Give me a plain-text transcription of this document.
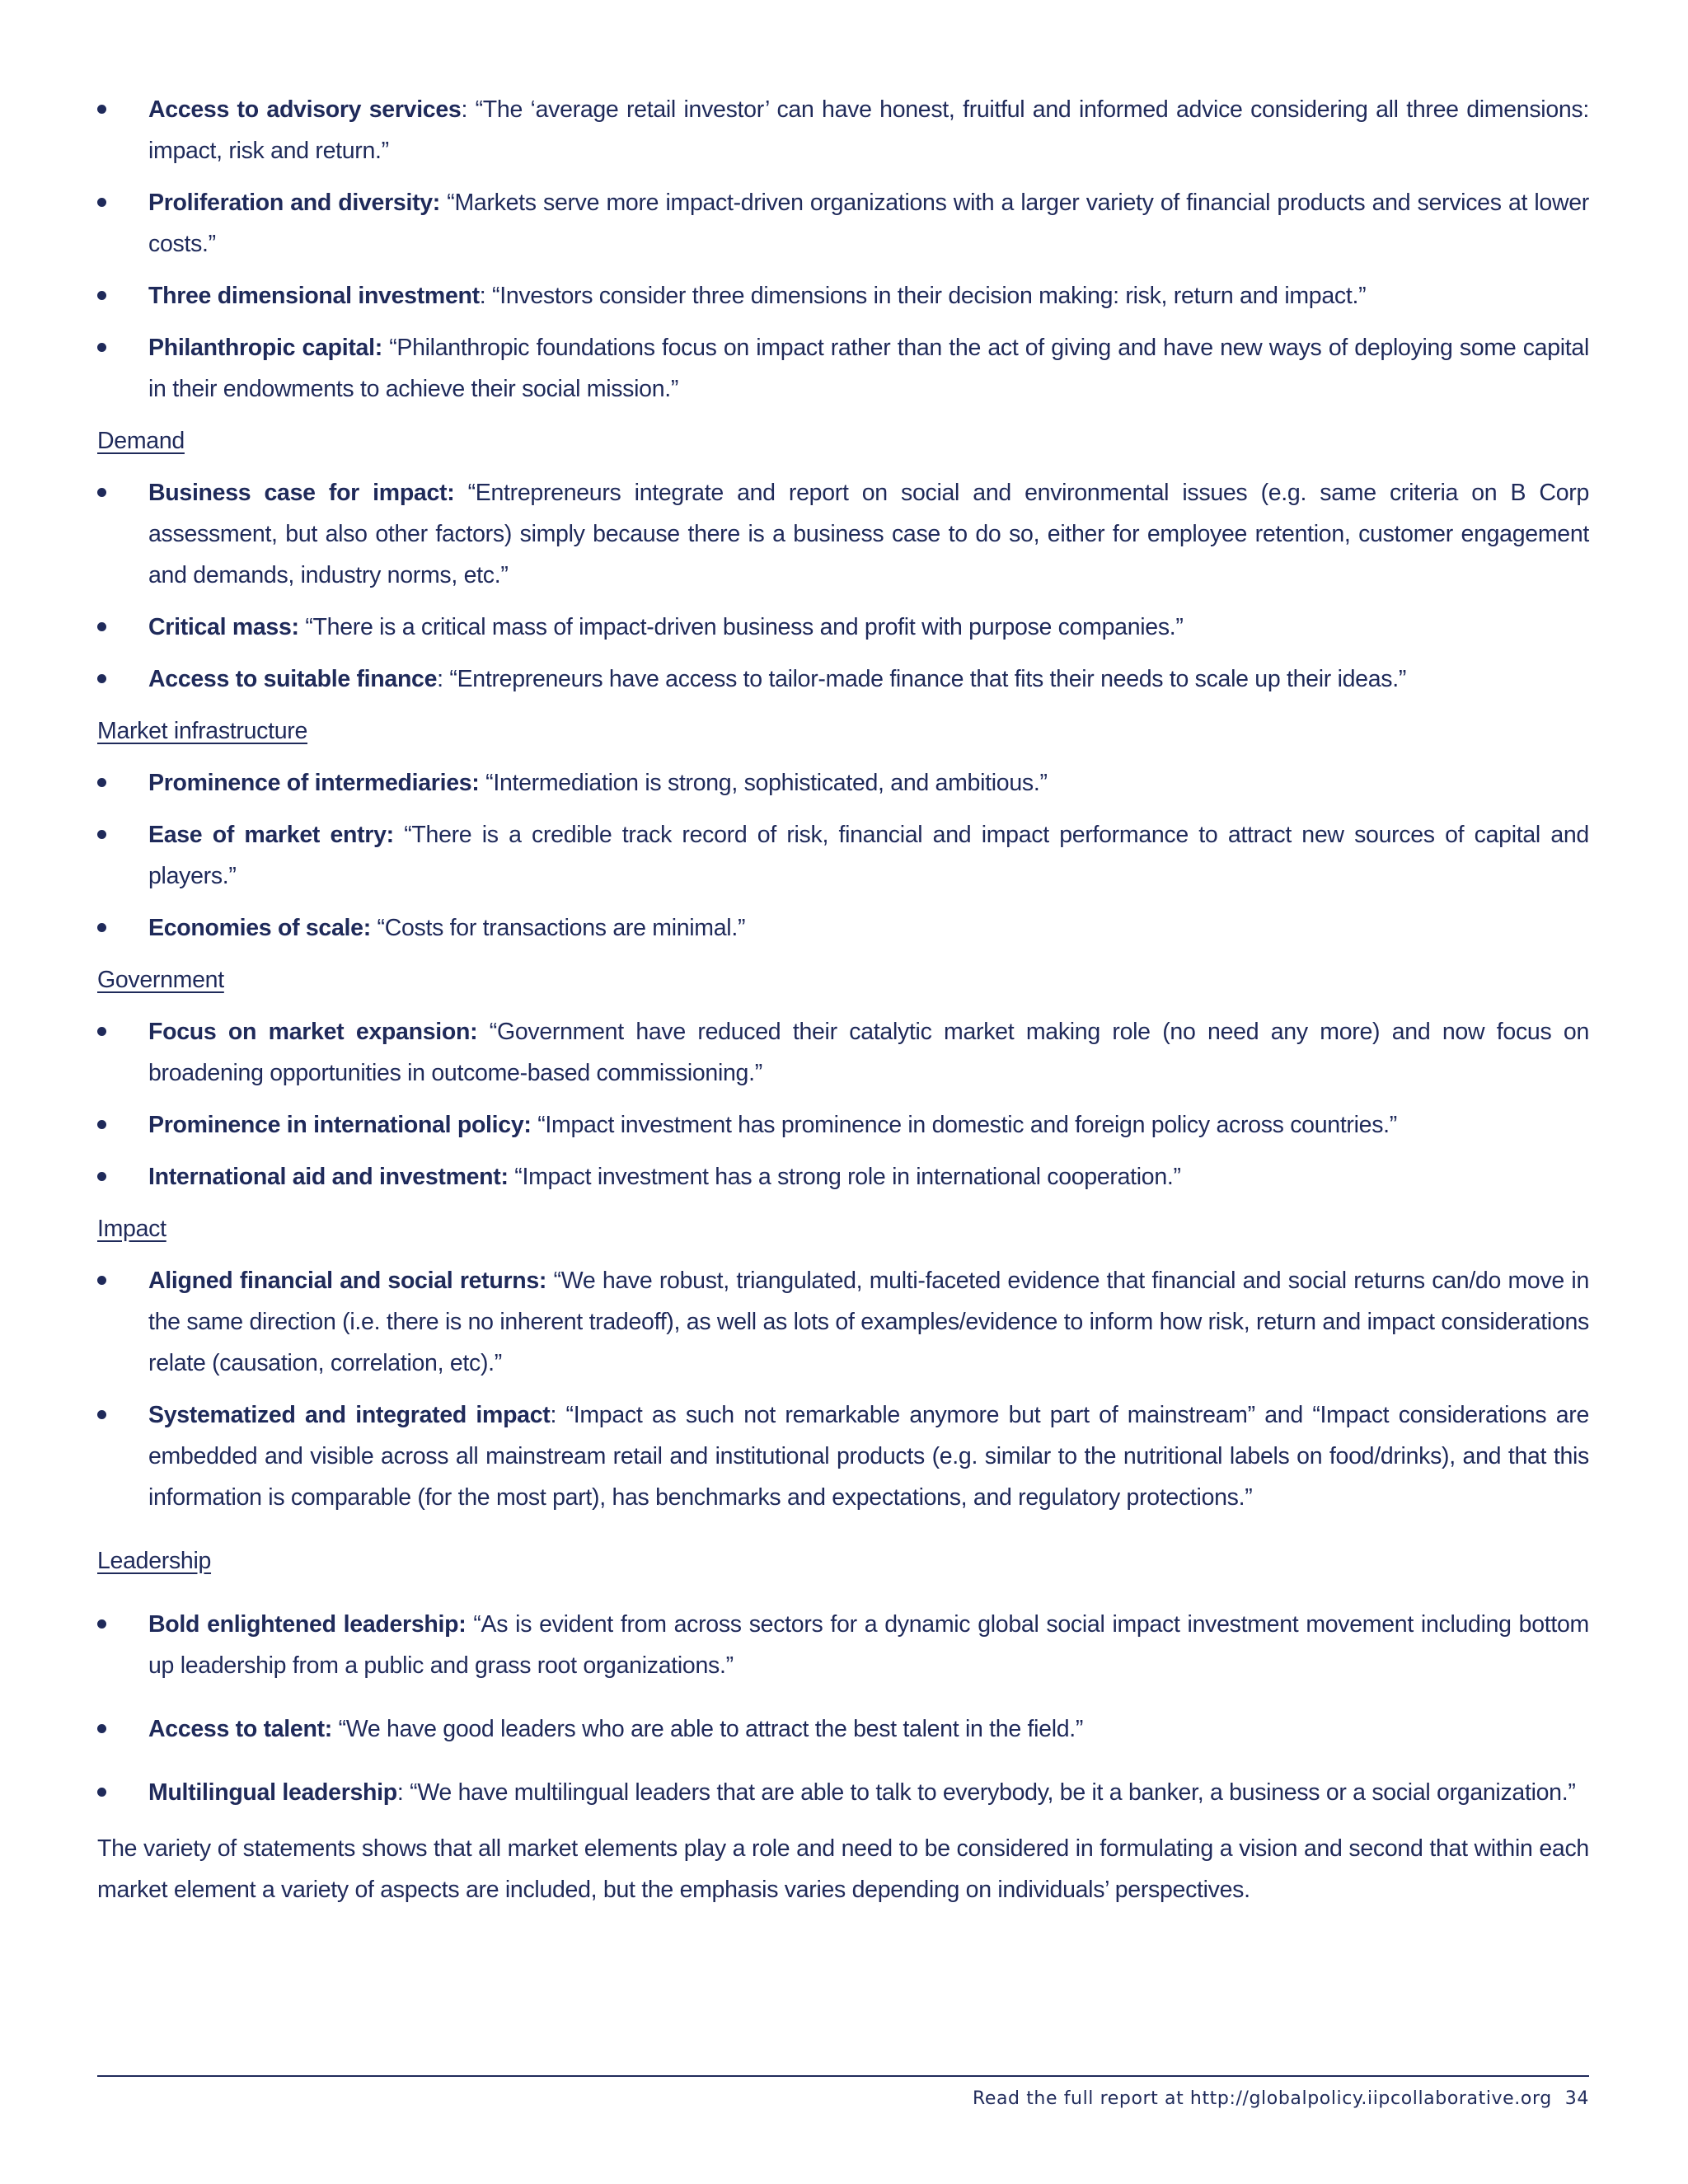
Access to advisory services: “The ‘average retail investor’ can have honest, fruitful and informed advice considering all three dimensions: impact, risk and return.”
Proliferation and diversity: “Markets serve more impact-driven organizations with a larger variety of financial products and services at lower costs.”
Three dimensional investment: “Investors consider three dimensions in their decision making: risk, return and impact.”
Philanthropic capital: “Philanthropic foundations focus on impact rather than the act of giving and have new ways of deploying some capital in their endowments to achieve their social mission.”
Demand
Business case for impact: “Entrepreneurs integrate and report on social and environmental issues (e.g. same criteria on B Corp assessment, but also other factors) simply because there is a business case to do so, either for employee retention, customer engagement and demands, industry norms, etc.”
Critical mass: “There is a critical mass of impact-driven business and profit with purpose companies.”
Access to suitable finance: “Entrepreneurs have access to tailor-made finance that fits their needs to scale up their ideas.”
Market infrastructure
Prominence of intermediaries: “Intermediation is strong, sophisticated, and ambitious.”
Ease of market entry: “There is a credible track record of risk, financial and impact performance to attract new sources of capital and players.”
Economies of scale: “Costs for transactions are minimal.”
Government
Focus on market expansion: “Government have reduced their catalytic market making role (no need any more) and now focus on broadening opportunities in outcome-based commissioning.”
Prominence in international policy: “Impact investment has prominence in domestic and foreign policy across countries.”
International aid and investment: “Impact investment has a strong role in international cooperation.”
Impact
Aligned financial and social returns: “We have robust, triangulated, multi-faceted evidence that financial and social returns can/do move in the same direction (i.e. there is no inherent tradeoff), as well as lots of examples/evidence to inform how risk, return and impact considerations relate (causation, correlation, etc).”
Systematized and integrated impact: “Impact as such not remarkable anymore but part of mainstream” and “Impact considerations are embedded and visible across all mainstream retail and institutional products (e.g. similar to the nutritional labels on food/drinks), and that this information is comparable (for the most part), has benchmarks and expectations, and regulatory protections.”
Leadership
Bold enlightened leadership: “As is evident from across sectors for a dynamic global social impact investment movement including bottom up leadership from a public and grass root organizations.”
Access to talent: “We have good leaders who are able to attract the best talent in the field.”
Multilingual leadership: “We have multilingual leaders that are able to talk to everybody, be it a banker, a business or a social organization.”

The variety of statements shows that all market elements play a role and need to be considered in formulating a vision and second that within each market element a variety of aspects are included, but the emphasis varies depending on individuals’ perspectives.

Read the full report at http://globalpolicy.iipcollaborative.org 34
